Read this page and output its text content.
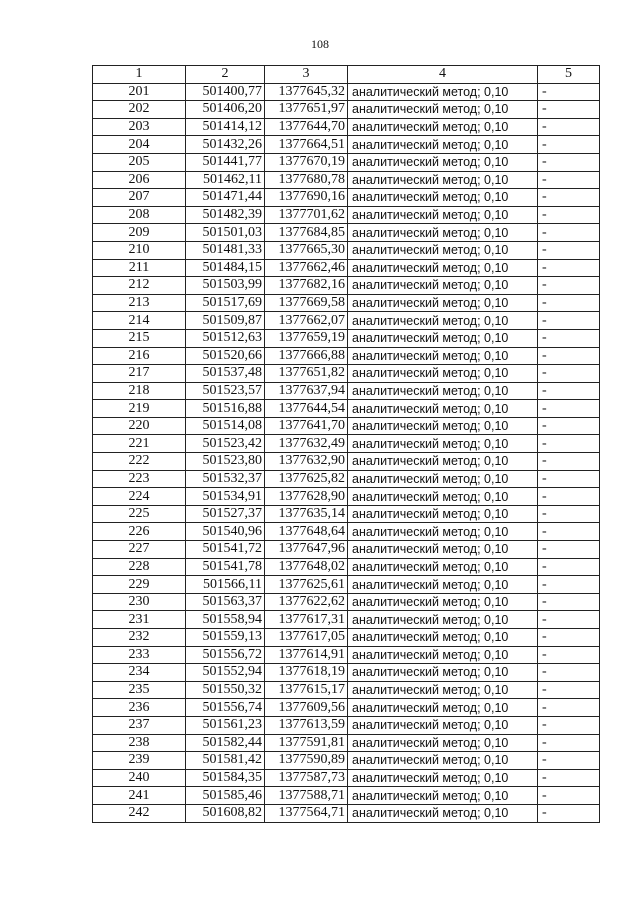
108
1	2	3	4	5
201	501400,77	1377645,32	аналитический метод; 0,10	-
202	501406,20	1377651,97	аналитический метод; 0,10	-
203	501414,12	1377644,70	аналитический метод; 0,10	-
204	501432,26	1377664,51	аналитический метод; 0,10	-
205	501441,77	1377670,19	аналитический метод; 0,10	-
206	501462,11	1377680,78	аналитический метод; 0,10	-
207	501471,44	1377690,16	аналитический метод; 0,10	-
208	501482,39	1377701,62	аналитический метод; 0,10	-
209	501501,03	1377684,85	аналитический метод; 0,10	-
210	501481,33	1377665,30	аналитический метод; 0,10	-
211	501484,15	1377662,46	аналитический метод; 0,10	-
212	501503,99	1377682,16	аналитический метод; 0,10	-
213	501517,69	1377669,58	аналитический метод; 0,10	-
214	501509,87	1377662,07	аналитический метод; 0,10	-
215	501512,63	1377659,19	аналитический метод; 0,10	-
216	501520,66	1377666,88	аналитический метод; 0,10	-
217	501537,48	1377651,82	аналитический метод; 0,10	-
218	501523,57	1377637,94	аналитический метод; 0,10	-
219	501516,88	1377644,54	аналитический метод; 0,10	-
220	501514,08	1377641,70	аналитический метод; 0,10	-
221	501523,42	1377632,49	аналитический метод; 0,10	-
222	501523,80	1377632,90	аналитический метод; 0,10	-
223	501532,37	1377625,82	аналитический метод; 0,10	-
224	501534,91	1377628,90	аналитический метод; 0,10	-
225	501527,37	1377635,14	аналитический метод; 0,10	-
226	501540,96	1377648,64	аналитический метод; 0,10	-
227	501541,72	1377647,96	аналитический метод; 0,10	-
228	501541,78	1377648,02	аналитический метод; 0,10	-
229	501566,11	1377625,61	аналитический метод; 0,10	-
230	501563,37	1377622,62	аналитический метод; 0,10	-
231	501558,94	1377617,31	аналитический метод; 0,10	-
232	501559,13	1377617,05	аналитический метод; 0,10	-
233	501556,72	1377614,91	аналитический метод; 0,10	-
234	501552,94	1377618,19	аналитический метод; 0,10	-
235	501550,32	1377615,17	аналитический метод; 0,10	-
236	501556,74	1377609,56	аналитический метод; 0,10	-
237	501561,23	1377613,59	аналитический метод; 0,10	-
238	501582,44	1377591,81	аналитический метод; 0,10	-
239	501581,42	1377590,89	аналитический метод; 0,10	-
240	501584,35	1377587,73	аналитический метод; 0,10	-
241	501585,46	1377588,71	аналитический метод; 0,10	-
242	501608,82	1377564,71	аналитический метод; 0,10	-
